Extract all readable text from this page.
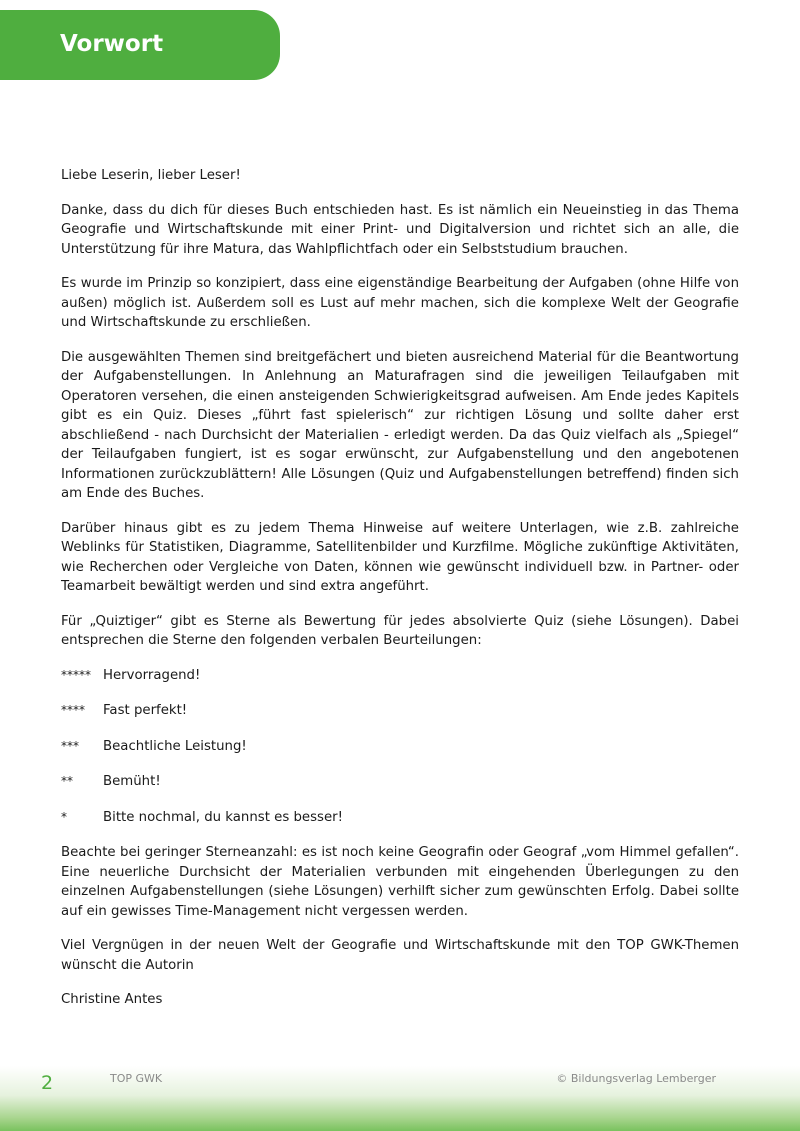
Vorwort

Liebe Leserin, lieber Leser!

Danke, dass du dich für dieses Buch entschieden hast. Es ist nämlich ein Neueinstieg in das Thema Geografie und Wirtschaftskunde mit einer Print- und Digitalversion und richtet sich an alle, die Unterstützung für ihre Matura, das Wahlpflichtfach oder ein Selbststudium brauchen.

Es wurde im Prinzip so konzipiert, dass eine eigenständige Bearbeitung der Aufgaben (ohne Hilfe von außen) möglich ist. Außerdem soll es Lust auf mehr machen, sich die komplexe Welt der Geografie und Wirtschaftskunde zu erschließen.

Die ausgewählten Themen sind breitgefächert und bieten ausreichend Material für die Beantwortung der Aufgabenstellungen. In Anlehnung an Maturafragen sind die jeweiligen Teilaufgaben mit Operatoren versehen, die einen ansteigenden Schwierigkeitsgrad aufweisen. Am Ende jedes Kapitels gibt es ein Quiz. Dieses „führt fast spielerisch“ zur richtigen Lösung und sollte daher erst abschließend - nach Durchsicht der Materialien - erledigt werden. Da das Quiz vielfach als „Spiegel“ der Teilaufgaben fungiert, ist es sogar erwünscht, zur Aufgabenstellung und den angebotenen Informationen zurückzublättern! Alle Lösungen (Quiz und Aufgabenstellungen betreffend) finden sich am Ende des Buches.

Darüber hinaus gibt es zu jedem Thema Hinweise auf weitere Unterlagen, wie z.B. zahlreiche Weblinks für Statistiken, Diagramme, Satellitenbilder und Kurzfilme. Mögliche zukünftige Aktivitäten, wie Recherchen oder Vergleiche von Daten, können wie gewünscht individuell bzw. in Partner- oder Teamarbeit bewältigt werden und sind extra angeführt.

Für „Quiztiger“ gibt es Sterne als Bewertung für jedes absolvierte Quiz (siehe Lösungen). Dabei entsprechen die Sterne den folgenden verbalen Beurteilungen:

***** Hervorragend!
****	Fast perfekt!
***	Beachtliche Leistung!
**	Bemüht!
*	Bitte nochmal, du kannst es besser!

Beachte bei geringer Sterneanzahl: es ist noch keine Geografin oder Geograf „vom Himmel gefallen“. Eine neuerliche Durchsicht der Materialien verbunden mit eingehenden Überlegungen zu den einzelnen Aufgabenstellungen (siehe Lösungen) verhilft sicher zum gewünschten Erfolg. Dabei sollte auf ein gewisses Time-Management nicht vergessen werden.

Viel Vergnügen in der neuen Welt der Geografie und Wirtschaftskunde mit den TOP GWK-Themen wünscht die Autorin

Christine Antes

2	TOP GWK	© Bildungsverlag Lemberger
